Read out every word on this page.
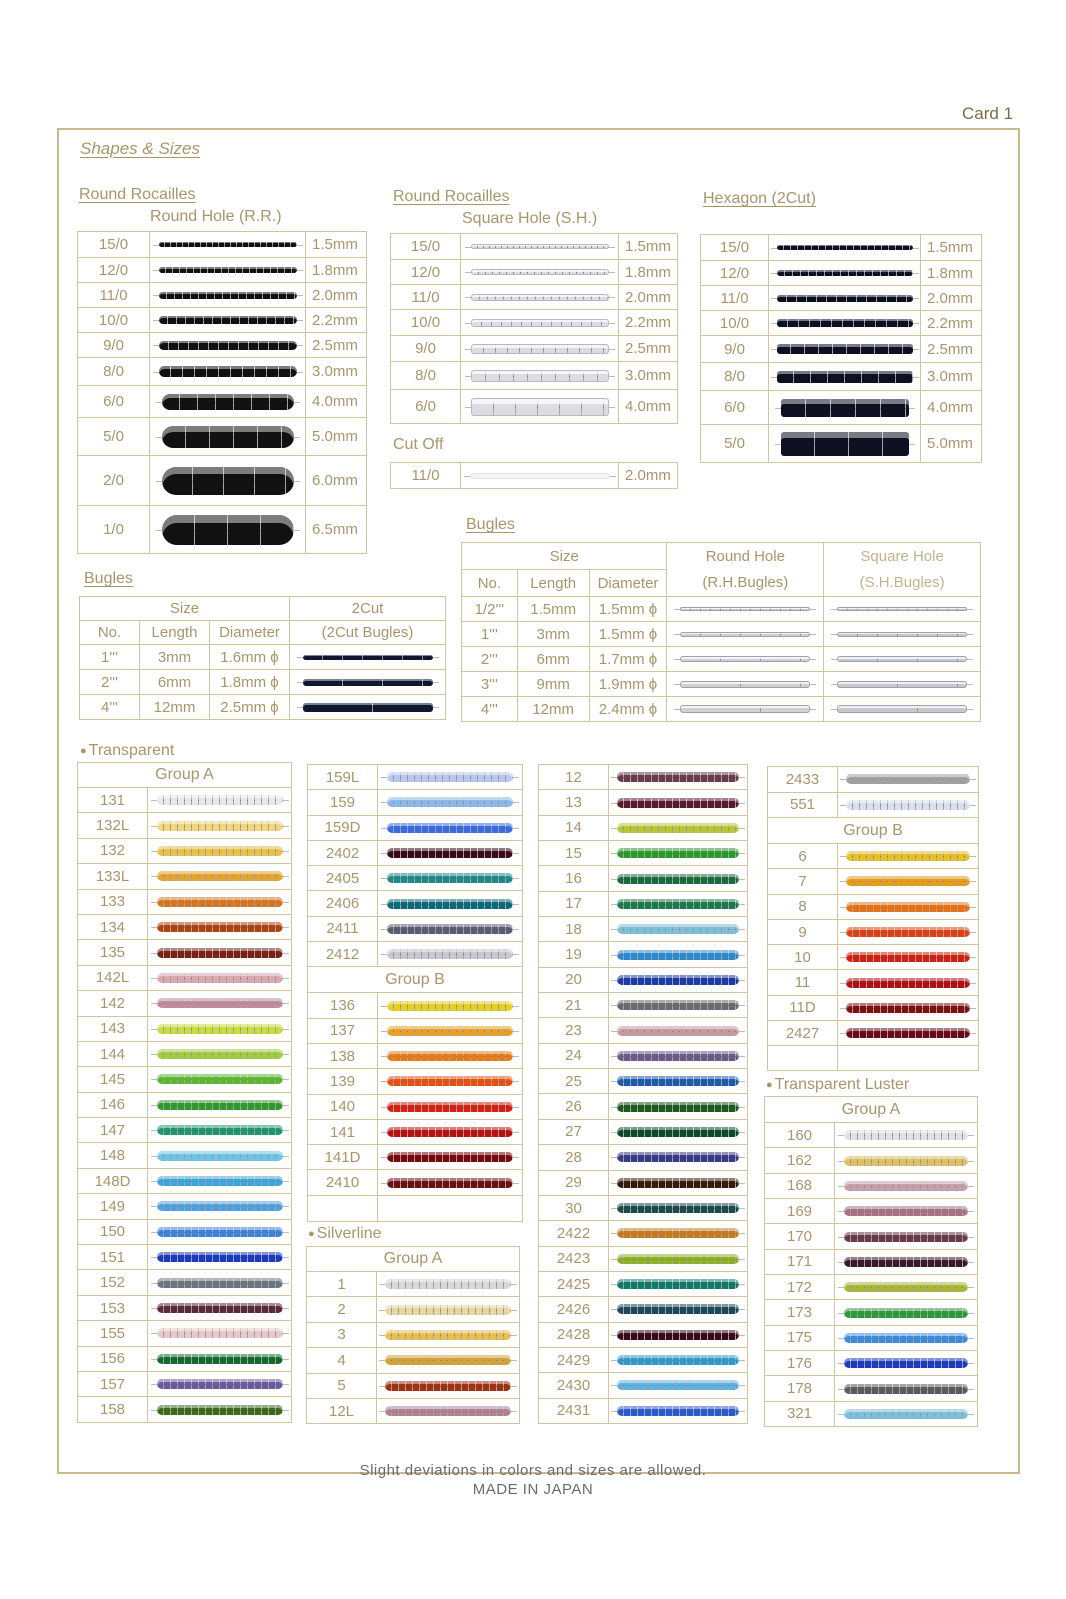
Card 1
Shapes & Sizes
Round Rocailles
Round Hole (R.R.)
15/0		1.5mm
12/0		1.8mm
11/0		2.0mm
10/0		2.2mm
9/0		2.5mm
8/0		3.0mm
6/0		4.0mm
5/0		5.0mm
2/0		6.0mm
1/0		6.5mm
Round Rocailles
Square Hole (S.H.)
15/0		1.5mm
12/0		1.8mm
11/0		2.0mm
10/0		2.2mm
9/0		2.5mm
8/0		3.0mm
6/0		4.0mm
Cut Off
11/0		2.0mm
Hexagon (2Cut)
15/0		1.5mm
12/0		1.8mm
11/0		2.0mm
10/0		2.2mm
9/0		2.5mm
8/0		3.0mm
6/0		4.0mm
5/0		5.0mm
Bugles
Size			2Cut
No.	Length	Diameter	(2Cut Bugles)
1'''	3mm	1.6mm ϕ	

2'''	6mm	1.8mm ϕ	

4'''	12mm	2.5mm ϕ	
Bugles
Size			Round Hole
(R.H.Bugles)	Square Hole
(S.H.Bugles)
No.	Length	Diameter		
1/2'''	1.5mm	1.5mm ϕ	

1'''	3mm	1.5mm ϕ	

2'''	6mm	1.7mm ϕ	

3'''	9mm	1.9mm ϕ	

4'''	12mm	2.4mm ϕ	

● Transparent
Group A	
131	

132L	

132	

133L	

133	

134	

135	

142L	

142	

143	

144	

145	

146	

147	

148	

148D	

149	

150	

151	

152	

153	

155	

156	

157	

158	
159L	

159	

159D	

2402	

2405	

2406	

2411	

2412	

Group B	
136	

137	

138	

139	

140	

141	

141D	

2410	

12	

13	

14	

15	

16	

17	

18	

19	

20	

21	

23	

24	

25	

26	

27	

28	

29	

30	

2422	

2423	

2425	

2426	

2428	

2429	

2430	

2431	
2433	

551	

Group B	
6	

7	

8	

9	

10	

11	

11D	

2427	

● Silverline
Group A	
1	

2	

3	

4	

5	

12L	
● Transparent Luster
Group A	
160	

162	

168	

169	

170	

171	

172	

173	

175	

176	

178	

321	
Slight deviations in colors and sizes are allowed.
MADE IN JAPAN
